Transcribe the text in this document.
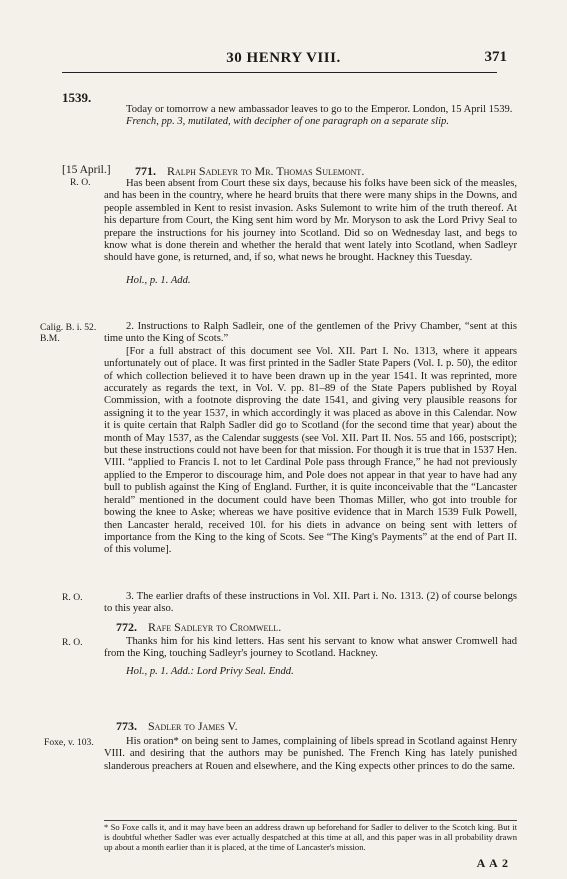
30 HENRY VIII.	371
1539.

Today or tomorrow a new ambassador leaves to go to the Emperor. London, 15 April 1539.

French, pp. 3, mutilated, with decipher of one paragraph on a separate slip.

[15 April.]
R. O.
771. Ralph Sadleyr to Mr. Thomas Sulemont.

Has been absent from Court these six days, because his folks have been sick of the measles, and has been in the country, where he heard bruits that there were many ships in the Downs, and people assembled in Kent to resist invasion. Asks Sulemont to write him of the truth thereof. At his departure from Court, the King sent him word by Mr. Moryson to ask the Lord Privy Seal to prepare the instructions for his journey into Scotland. Did so on Wednesday last, and begs to know what is done therein and whether the herald that went lately into Scotland, when Sadleyr should have gone, is returned, and, if so, what news he brought. Hackney this Tuesday.

Hol., p. 1. Add.

Calig. B. i. 52. B.M.

2. Instructions to Ralph Sadleir, one of the gentlemen of the Privy Chamber, “sent at this time unto the King of Scots.”

[For a full abstract of this document see Vol. XII. Part I. No. 1313, where it appears unfortunately out of place. It was first printed in the Sadler State Papers (Vol. I. p. 50), the editor of which collection believed it to have been drawn up in the year 1541. It was reprinted, more accurately as regards the text, in Vol. V. pp. 81–89 of the State Papers published by Royal Commission, with a footnote disproving the date 1541, and giving very plausible reasons for assigning it to the year 1537, in which accordingly it was placed as above in this Calendar. Now it is quite certain that Ralph Sadler did go to Scotland (for the second time that year) about the month of May 1537, as the Calendar suggests (see Vol. XII. Part II. Nos. 55 and 166, postscript); but these instructions could not have been for that mission. For though it is true that in 1537 Hen. VIII. “applied to Francis I. not to let Cardinal Pole pass through France,” he had not previously applied to the Emperor to discourage him, and Pole does not appear in that year to have had any bull to publish against the King of England. Further, it is quite inconceivable that the “Lancaster herald” mentioned in the document could have been Thomas Miller, who got into trouble for bowing the knee to Aske; whereas we have positive evidence that in March 1539 Fulk Powell, then Lancaster herald, received 10l. for his diets in advance on being sent with letters of importance from the King to the king of Scots. See “The King's Payments” at the end of Part II. of this volume].

R. O.	3. The earlier drafts of these instructions in Vol. XII. Part i. No. 1313. (2) of course belongs to this year also.

772. Rafe Sadleyr to Cromwell.
R. O.	Thanks him for his kind letters. Has sent his servant to know what answer Cromwell had from the King, touching Sadleyr's journey to Scotland. Hackney.

Hol., p. 1. Add.: Lord Privy Seal. Endd.

773. Sadler to James V.
Foxe, v. 103.	His oration* on being sent to James, complaining of libels spread in Scotland against Henry VIII. and desiring that the authors may be punished. The French King has lately punished slanderous preachers at Rouen and elsewhere, and the King expects other princes to do the same.

* So Foxe calls it, and it may have been an address drawn up beforehand for Sadler to deliver to the Scotch king. But it is doubtful whether Sadler was ever actually despatched at this time at all, and this paper was in all probability drawn up about a month earlier than it is placed, at the time of Lancaster's mission.
A A 2
